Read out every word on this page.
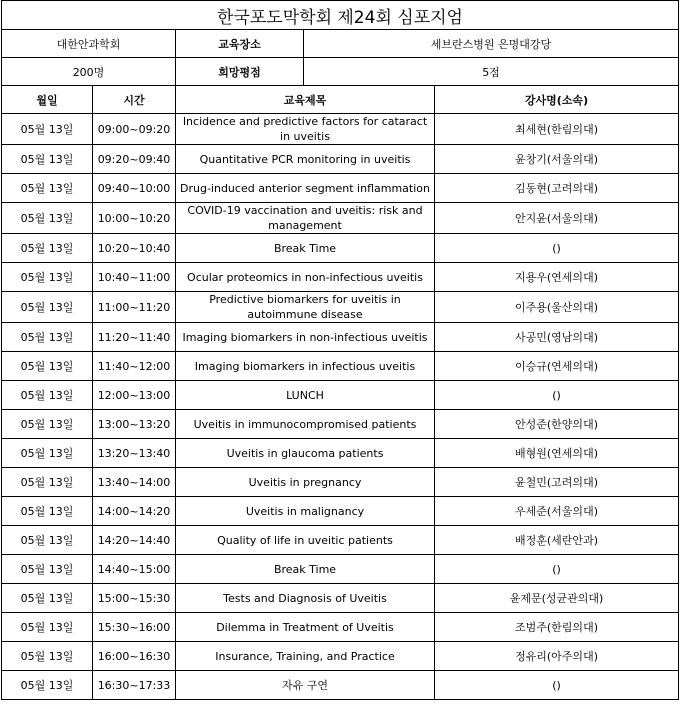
한국포도막학회 제24회 심포지엄				
대한안과학회		교육장소	세브란스병원 은명대강당	
200명		희망평점	5점	
월일	시간	교육제목		강사명(소속)
05월 13일	09:00~09:20	Incidence and predictive factors for cataract in uveitis		최세현(한림의대)
05월 13일	09:20~09:40	Quantitative PCR monitoring in uveitis		윤창기(서울의대)
05월 13일	09:40~10:00	Drug-induced anterior segment inflammation		김동현(고려의대)
05월 13일	10:00~10:20	COVID-19 vaccination and uveitis: risk and management		안지윤(서울의대)
05월 13일	10:20~10:40	Break Time		()
05월 13일	10:40~11:00	Ocular proteomics in non-infectious uveitis		지용우(연세의대)
05월 13일	11:00~11:20	Predictive biomarkers for uveitis in autoimmune disease		이주용(울산의대)
05월 13일	11:20~11:40	Imaging biomarkers in non-infectious uveitis		사공민(영남의대)
05월 13일	11:40~12:00	Imaging biomarkers in infectious uveitis		이승규(연세의대)
05월 13일	12:00~13:00	LUNCH		()
05월 13일	13:00~13:20	Uveitis in immunocompromised patients		안성준(한양의대)
05월 13일	13:20~13:40	Uveitis in glaucoma patients		배형원(연세의대)
05월 13일	13:40~14:00	Uveitis in pregnancy		윤철민(고려의대)
05월 13일	14:00~14:20	Uveitis in malignancy		우세준(서울의대)
05월 13일	14:20~14:40	Quality of life in uveitic patients		배정훈(세란안과)
05월 13일	14:40~15:00	Break Time		()
05월 13일	15:00~15:30	Tests and Diagnosis of Uveitis		윤제문(성균관의대)
05월 13일	15:30~16:00	Dilemma in Treatment of Uveitis		조범주(한림의대)
05월 13일	16:00~16:30	Insurance, Training, and Practice		정유리(아주의대)
05월 13일	16:30~17:33	자유 구연		()
